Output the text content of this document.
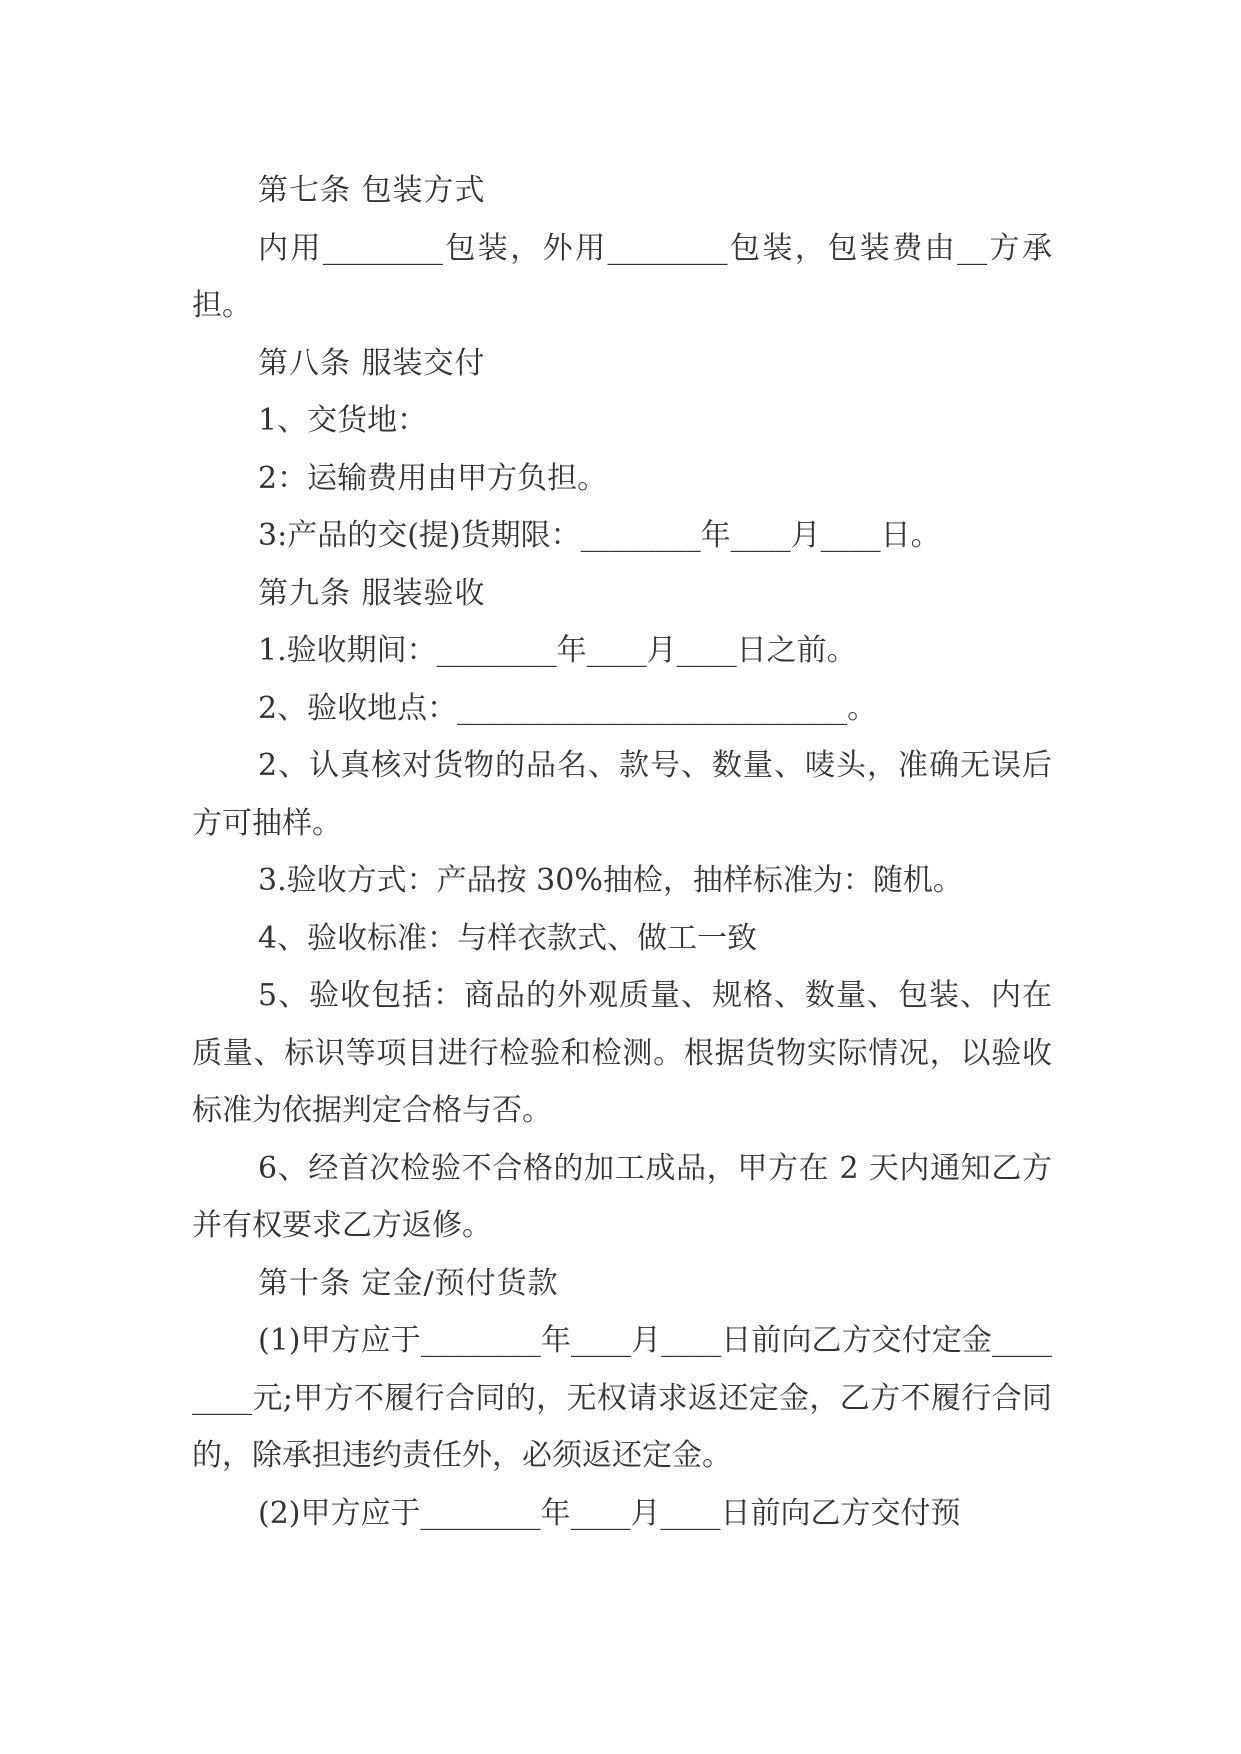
第七条 包装方式

内用________包装，外用________包装，包装费由__方承担。

第八条 服装交付

1、交货地：

2：运输费用由甲方负担。

3:产品的交(提)货期限：________年____月____日。

第九条 服装验收

1.验收期间：________年____月____日之前。

2、验收地点：__________________________。

2、认真核对货物的品名、款号、数量、唛头，准确无误后方可抽样。

3.验收方式：产品按 30%抽检，抽样标准为：随机。

4、验收标准：与样衣款式、做工一致

5、验收包括：商品的外观质量、规格、数量、包装、内在质量、标识等项目进行检验和检测。根据货物实际情况，以验收标准为依据判定合格与否。

6、经首次检验不合格的加工成品，甲方在 2 天内通知乙方并有权要求乙方返修。

第十条 定金/预付货款

(1)甲方应于________年____月____日前向乙方交付定金________元;甲方不履行合同的，无权请求返还定金，乙方不履行合同的，除承担违约责任外，必须返还定金。

(2)甲方应于________年____月____日前向乙方交付预
